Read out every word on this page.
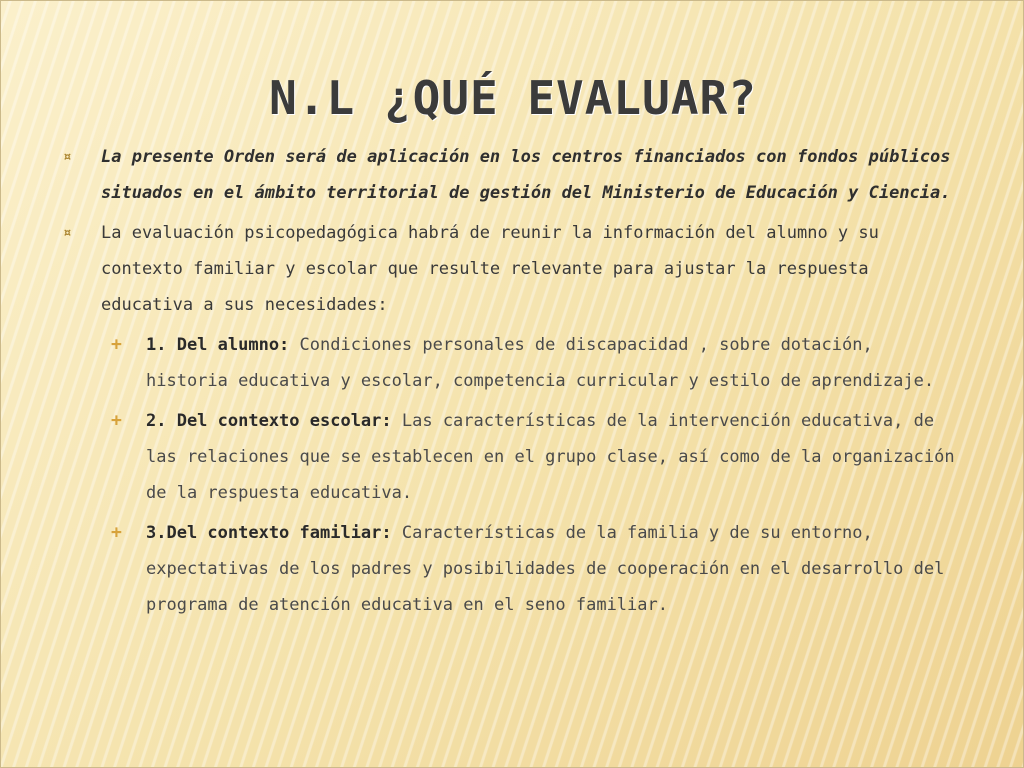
N.L ¿QUÉ EVALUAR?
¤ La presente Orden será de aplicación en los centros financiados con fondos públicos situados en el ámbito territorial de gestión del Ministerio de Educación y Ciencia.
¤ La evaluación psicopedagógica habrá de reunir la información del alumno y su contexto familiar y escolar que resulte relevante para ajustar la respuesta educativa a sus necesidades:
+ 1. Del alumno: Condiciones personales de discapacidad , sobre dotación, historia educativa y escolar, competencia curricular y estilo de aprendizaje.
+ 2. Del contexto escolar: Las características de la intervención educativa, de las relaciones que se establecen en el grupo clase, así como de la organización de la respuesta educativa.
+ 3.Del contexto familiar: Características de la familia y de su entorno, expectativas de los padres y posibilidades de cooperación en el desarrollo del programa de atención educativa en el seno familiar.
